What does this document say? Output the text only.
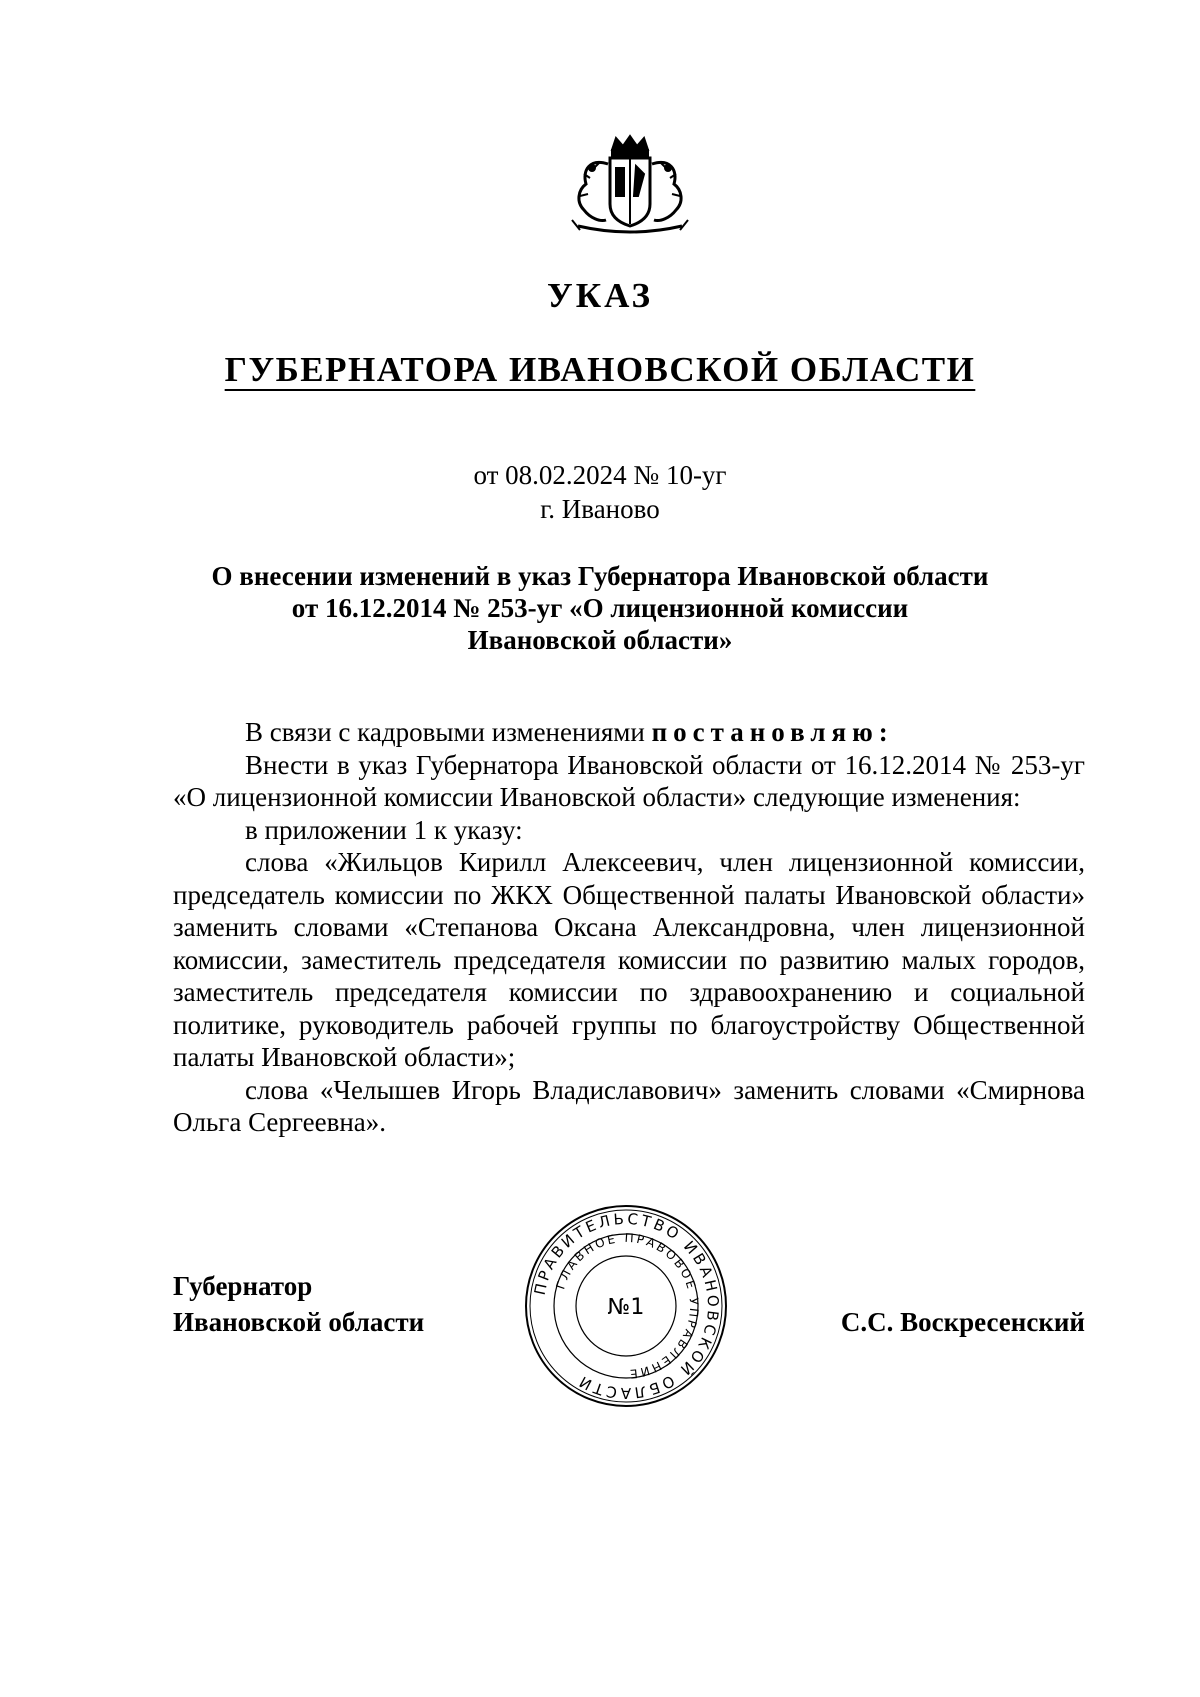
УКАЗ
ГУБЕРНАТОРА ИВАНОВСКОЙ ОБЛАСТИ
от 08.02.2024 № 10-уг
г. Иваново
О внесении изменений в указ Губернатора Ивановской области
от 16.12.2014 № 253-уг «О лицензионной комиссии
Ивановской области»

В связи с кадровыми изменениями постановляю:

Внести в указ Губернатора Ивановской области от 16.12.2014 № 253-уг «О лицензионной комиссии Ивановской области» следующие изменения:

в приложении 1 к указу:

слова «Жильцов Кирилл Алексеевич, член лицензионной комиссии, председатель комиссии по ЖКХ Общественной палаты Ивановской области» заменить словами «Степанова Оксана Александровна, член лицензионной комиссии, заместитель председателя комиссии по развитию малых городов, заместитель председателя комиссии по здравоохранению и социальной политике, руководитель рабочей группы по благоустройству Общественной палаты Ивановской области»;

слова «Челышев Игорь Владиславович» заменить словами «Смирнова Ольга Сергеевна».

Губернатор
Ивановской области
ПРАВИТЕЛЬСТВО ИВАНОВСКОЙ ОБЛАСТИ
ГЛАВНОЕ ПРАВОВОЕ УПРАВЛЕНИЕ
№1	С.С. Воскресенский
